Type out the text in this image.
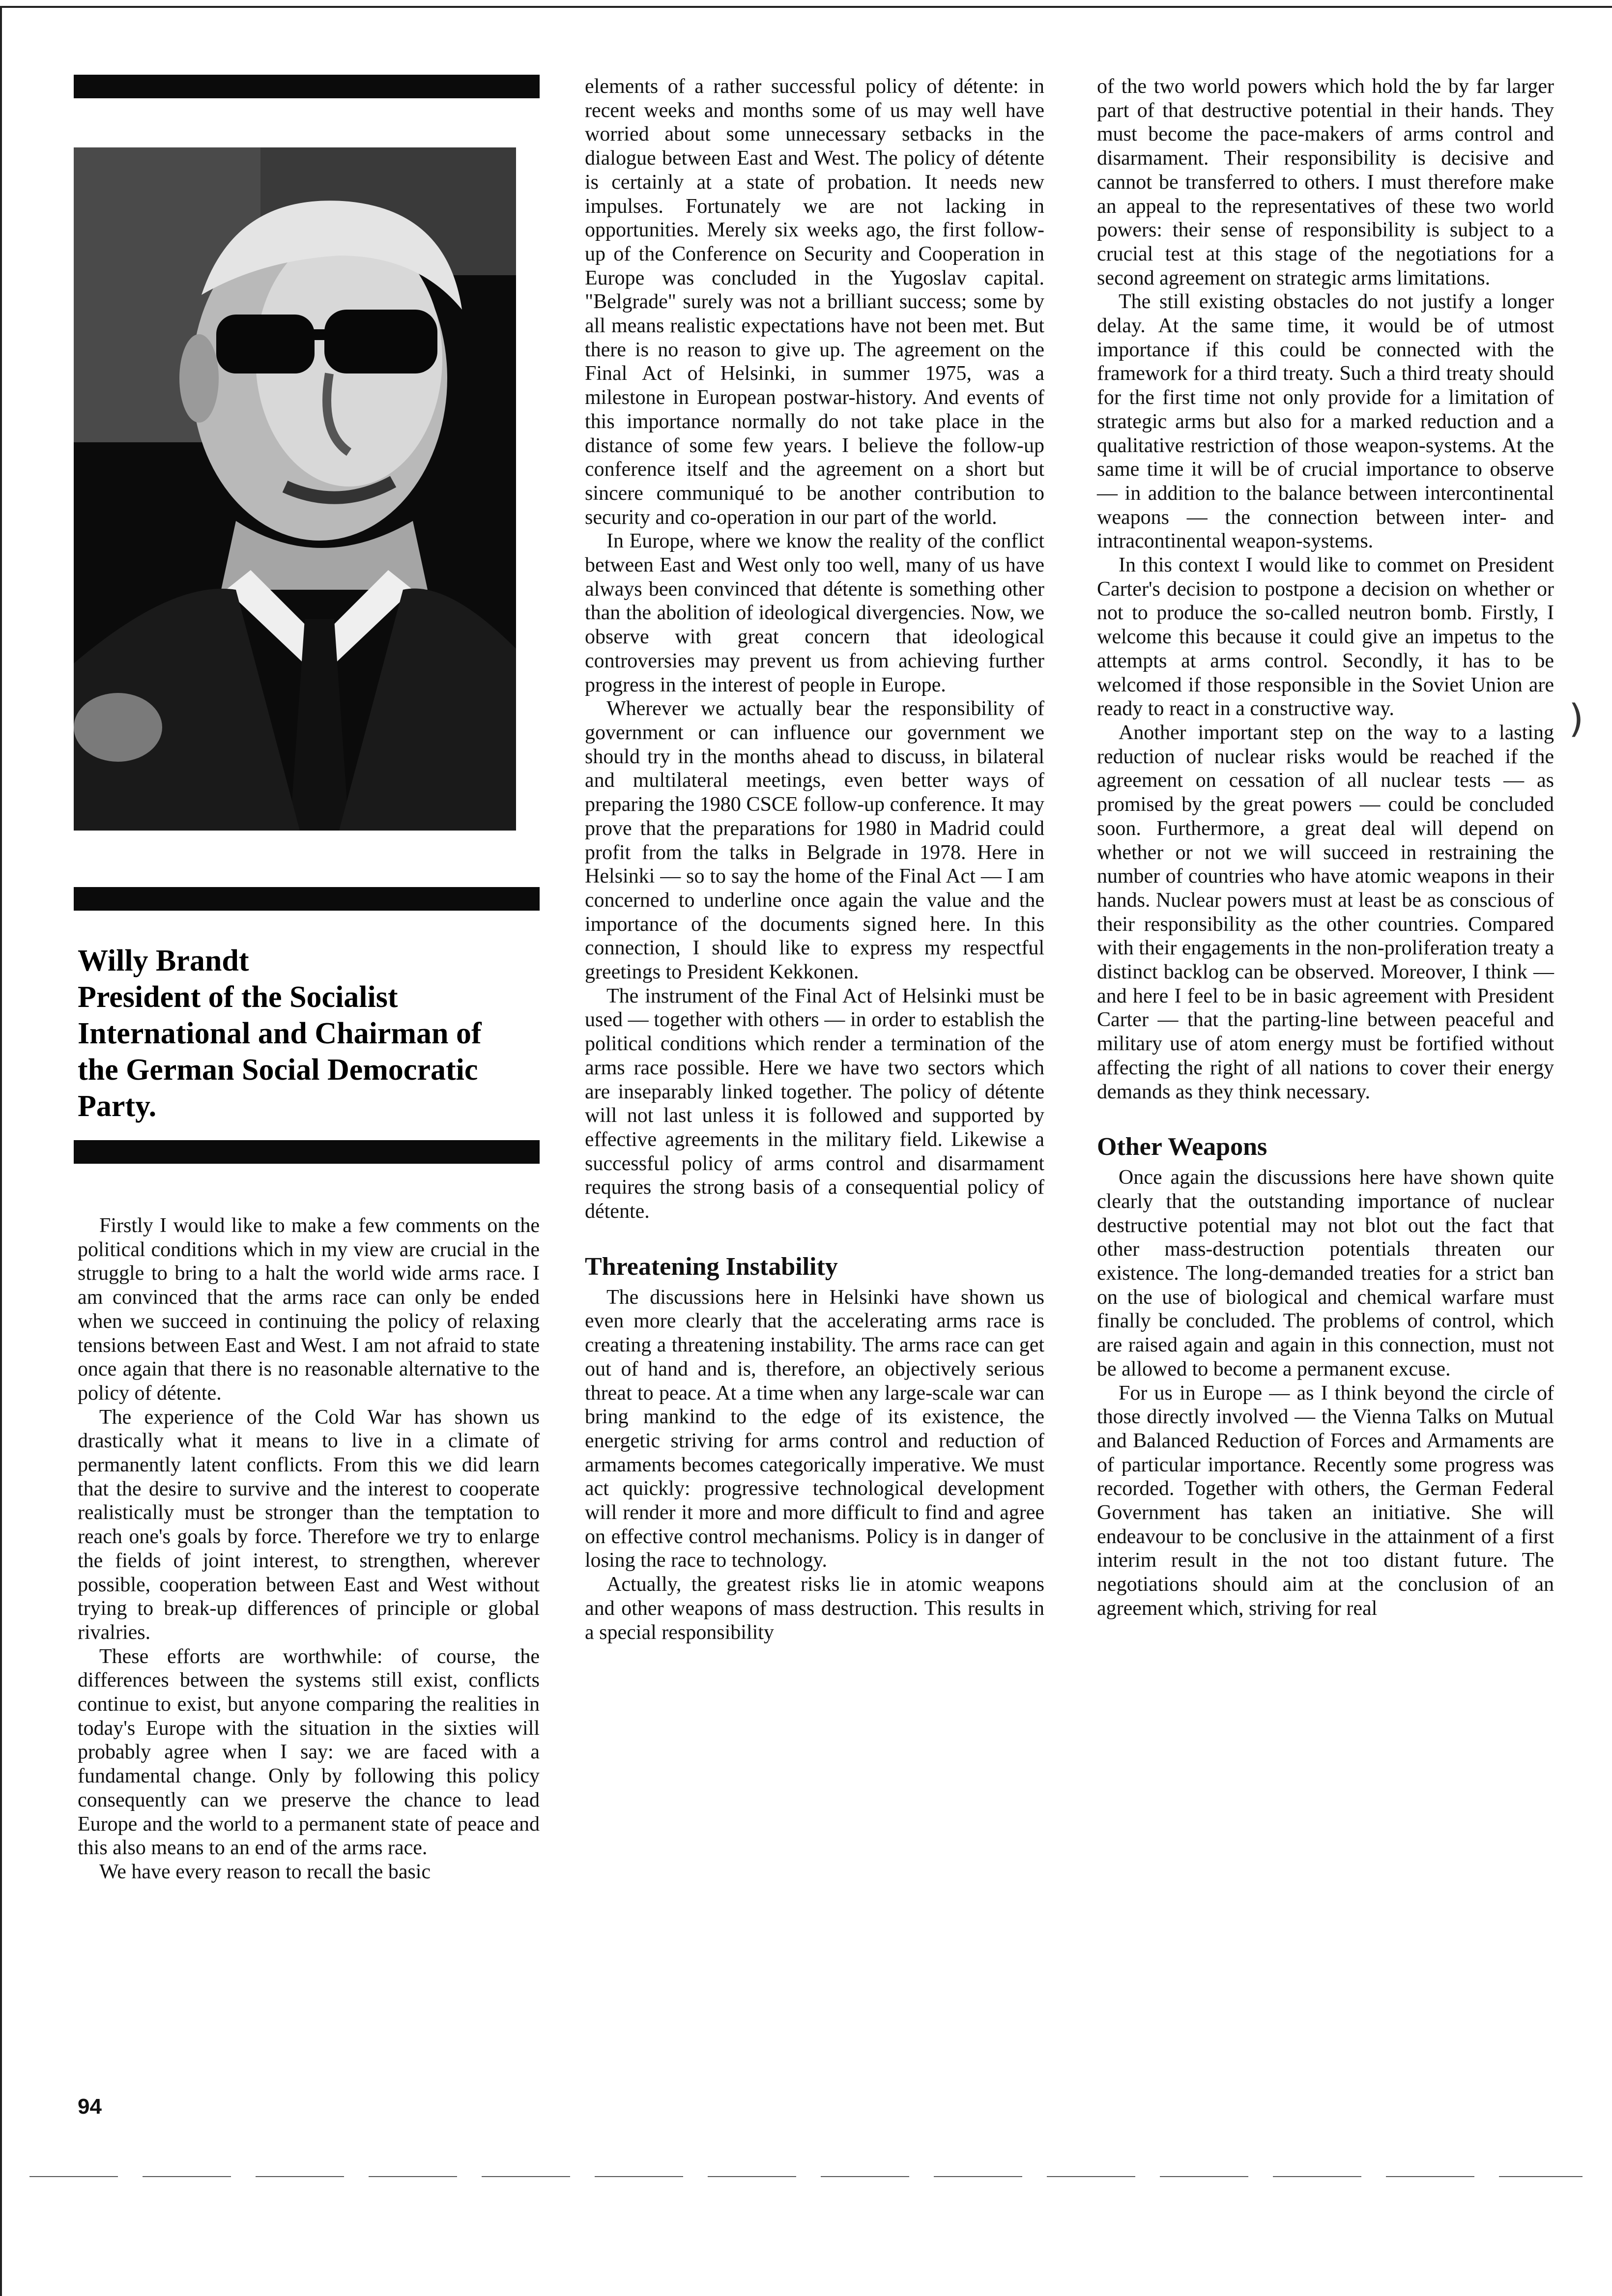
Willy Brandt
President of the Socialist
International and Chairman of
the German Social Democratic
Party.

Firstly I would like to make a few comments on the political conditions which in my view are crucial in the struggle to bring to a halt the world wide arms race. I am convinced that the arms race can only be ended when we succeed in continuing the policy of relaxing tensions between East and West. I am not afraid to state once again that there is no reasonable alternative to the policy of détente.

The experience of the Cold War has shown us drastically what it means to live in a climate of permanently latent conflicts. From this we did learn that the desire to survive and the interest to cooperate realistically must be stronger than the temptation to reach one's goals by force. Therefore we try to enlarge the fields of joint interest, to strengthen, wherever possible, cooperation between East and West without trying to break-up differences of principle or global rivalries.

These efforts are worthwhile: of course, the differences between the systems still exist, conflicts continue to exist, but anyone comparing the realities in today's Europe with the situation in the sixties will probably agree when I say: we are faced with a fundamental change. Only by following this policy consequently can we preserve the chance to lead Europe and the world to a permanent state of peace and this also means to an end of the arms race.

We have every reason to recall the basic

elements of a rather successful policy of détente: in recent weeks and months some of us may well have worried about some unnecessary setbacks in the dialogue between East and West. The policy of détente is certainly at a state of probation. It needs new impulses. Fortunately we are not lacking in opportunities. Merely six weeks ago, the first follow-up of the Conference on Security and Cooperation in Europe was concluded in the Yugoslav capital. "Belgrade" surely was not a brilliant success; some by all means realistic expectations have not been met. But there is no reason to give up. The agreement on the Final Act of Helsinki, in summer 1975, was a milestone in European postwar-history. And events of this importance normally do not take place in the distance of some few years. I believe the follow-up conference itself and the agreement on a short but sincere communiqué to be another contribution to security and co-operation in our part of the world.

In Europe, where we know the reality of the conflict between East and West only too well, many of us have always been convinced that détente is something other than the abolition of ideological divergencies. Now, we observe with great concern that ideological controversies may prevent us from achieving further progress in the interest of people in Europe.

Wherever we actually bear the responsibility of government or can influence our government we should try in the months ahead to discuss, in bilateral and multilateral meetings, even better ways of preparing the 1980 CSCE follow-up conference. It may prove that the preparations for 1980 in Madrid could profit from the talks in Belgrade in 1978. Here in Helsinki — so to say the home of the Final Act — I am concerned to underline once again the value and the importance of the documents signed here. In this connection, I should like to express my respectful greetings to President Kekkonen.

The instrument of the Final Act of Helsinki must be used — together with others — in order to establish the political conditions which render a termination of the arms race possible. Here we have two sectors which are inseparably linked together. The policy of détente will not last unless it is followed and supported by effective agreements in the military field. Likewise a successful policy of arms control and disarmament requires the strong basis of a consequential policy of détente.

Threatening Instability

The discussions here in Helsinki have shown us even more clearly that the accelerating arms race is creating a threatening instability. The arms race can get out of hand and is, therefore, an objectively serious threat to peace. At a time when any large-scale war can bring mankind to the edge of its existence, the energetic striving for arms control and reduction of armaments becomes categorically imperative. We must act quickly: progressive technological development will render it more and more difficult to find and agree on effective control mechanisms. Policy is in danger of losing the race to technology.

Actually, the greatest risks lie in atomic weapons and other weapons of mass destruction. This results in a special responsibility

of the two world powers which hold the by far larger part of that destructive potential in their hands. They must become the pace-makers of arms control and disarmament. Their responsibility is decisive and cannot be transferred to others. I must therefore make an appeal to the representatives of these two world powers: their sense of responsibility is subject to a crucial test at this stage of the negotiations for a second agreement on strategic arms limitations.

The still existing obstacles do not justify a longer delay. At the same time, it would be of utmost importance if this could be connected with the framework for a third treaty. Such a third treaty should for the first time not only provide for a limitation of strategic arms but also for a marked reduction and a qualitative restriction of those weapon-systems. At the same time it will be of crucial importance to observe — in addition to the balance between intercontinental weapons — the connection between inter- and intracontinental weapon-systems.

In this context I would like to commet on President Carter's decision to postpone a decision on whether or not to produce the so-called neutron bomb. Firstly, I welcome this because it could give an impetus to the attempts at arms control. Secondly, it has to be welcomed if those responsible in the Soviet Union are ready to react in a constructive way.

Another important step on the way to a lasting reduction of nuclear risks would be reached if the agreement on cessation of all nuclear tests — as promised by the great powers — could be concluded soon. Furthermore, a great deal will depend on whether or not we will succeed in restraining the number of countries who have atomic weapons in their hands. Nuclear powers must at least be as conscious of their responsibility as the other countries. Compared with their engagements in the non-proliferation treaty a distinct backlog can be observed. Moreover, I think — and here I feel to be in basic agreement with President Carter — that the parting-line between peaceful and military use of atom energy must be fortified without affecting the right of all nations to cover their energy demands as they think necessary.

Other Weapons

Once again the discussions here have shown quite clearly that the outstanding importance of nuclear destructive potential may not blot out the fact that other mass-destruction potentials threaten our existence. The long-demanded treaties for a strict ban on the use of biological and chemical warfare must finally be concluded. The problems of control, which are raised again and again in this connection, must not be allowed to become a permanent excuse.

For us in Europe — as I think beyond the circle of those directly involved — the Vienna Talks on Mutual and Balanced Reduction of Forces and Armaments are of particular importance. Recently some progress was recorded. Together with others, the German Federal Government has taken an initiative. She will endeavour to be conclusive in the attainment of a first interim result in the not too distant future. The negotiations should aim at the conclusion of an agreement which, striving for real

)
94
